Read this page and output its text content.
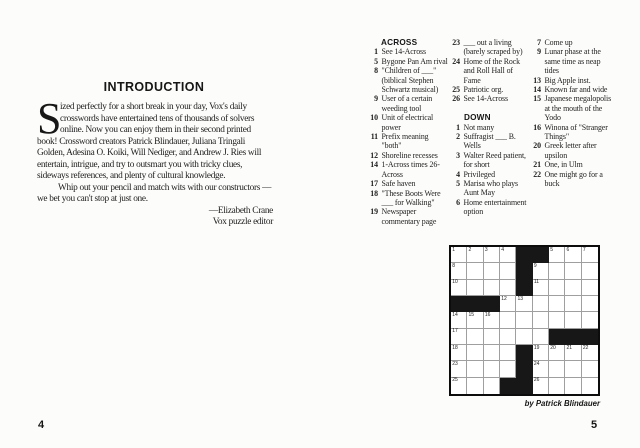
INTRODUCTION
S
ized perfectly for a short break in your day, Vox's daily
crosswords have entertained tens of thousands of solvers
online. Now you can enjoy them in their second printed
book! Crossword creators Patrick Blindauer, Juliana Tringali
Golden, Adesina O. Koiki, Will Nediger, and Andrew J. Ries will
entertain, intrigue, and try to outsmart you with tricky clues,
sideways references, and plenty of cultural knowledge.
Whip out your pencil and match wits with our constructors —
we bet you can't stop at just one.
—Elizabeth Crane
Vox puzzle editor
4
ACROSS
1 See 14-Across
5 Bygone Pan Am rival
8 "Children of ___" (biblical Stephen Schwartz musical)
9 User of a certain weeding tool
10 Unit of electrical power
11 Prefix meaning "both"
12 Shoreline recesses
14 1-Across times 26-Across
17 Safe haven
18 "These Boots Were ___ for Walking"
19 Newspaper commentary page
23 ___ out a living (barely scraped by)
24 Home of the Rock and Roll Hall of Fame
25 Patriotic org.
26 See 14-Across
DOWN
1 Not many
2 Suffragist ___ B. Wells
3 Walter Reed patient, for short
4 Privileged
5 Marisa who plays Aunt May
6 Home entertainment option
7 Come up
9 Lunar phase at the same time as neap tides
13 Big Apple inst.
14 Known far and wide
15 Japanese megalopolis at the mouth of the Yodo
16 Winona of "Stranger Things"
20 Greek letter after upsilon
21 One, in Ulm
22 One might go for a buck
1	2	3	4	5	6	7
8	9
10	11
12 13
14 15 16
17
18	19 20 21 22
23	24
25	26
by Patrick Blindauer
5
